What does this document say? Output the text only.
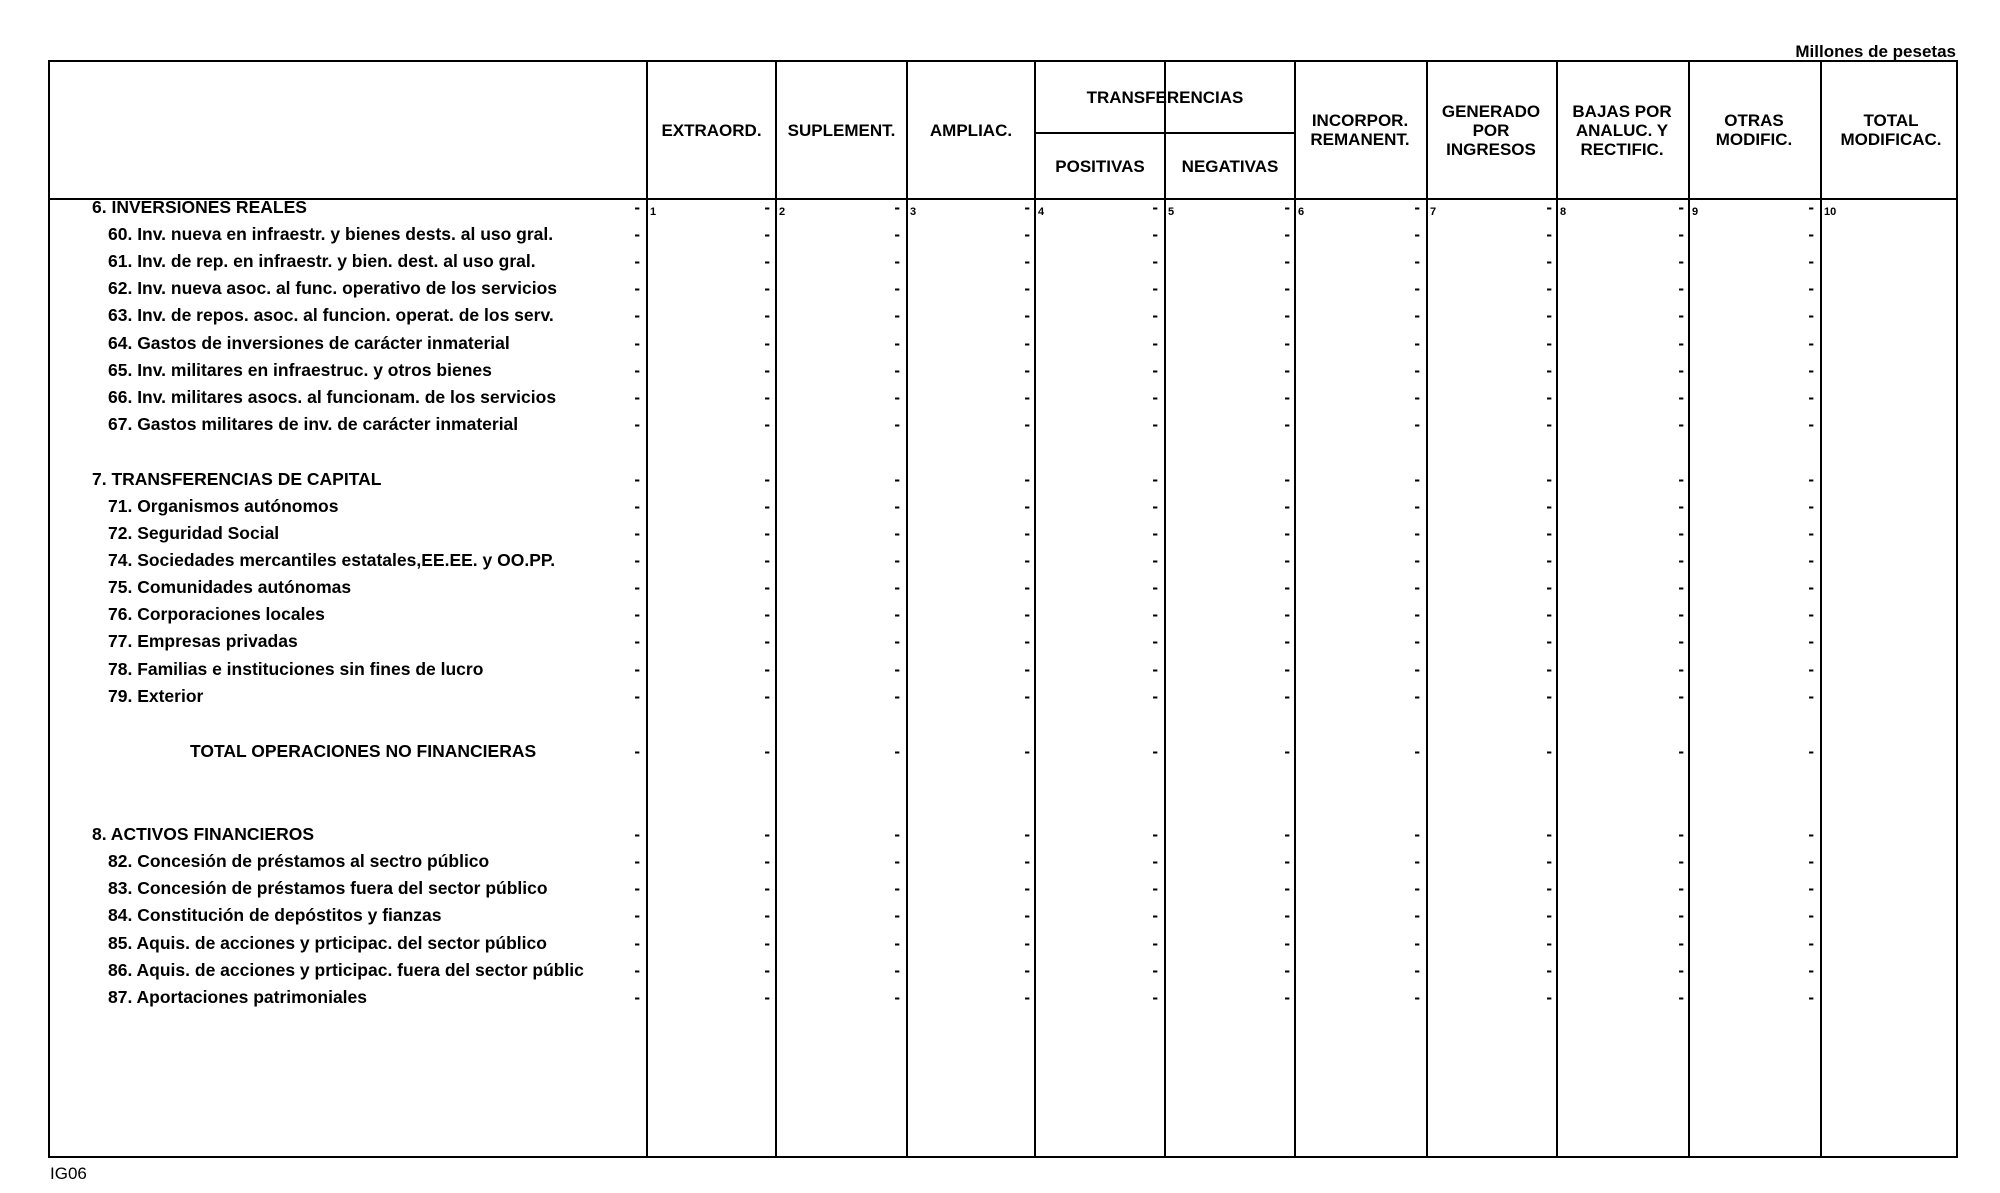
Millones de pesetas
EXTRAORD.	SUPLEMENT.	AMPLIAC.
TRANSFERENCIAS
POSITIVAS	NEGATIVAS
INCORPOR. REMANENT.
GENERADO POR INGRESOS
BAJAS POR ANALUC. Y RECTIFIC.
OTRAS MODIFIC.
TOTAL MODIFICAC.
1	2	3	4	5	6	7	8	9	10
6. INVERSIONES REALES	-	-	-	-	-	-	-	-	-	-
60. Inv. nueva en infraestr. y bienes dests. al uso gral.	-	-	-	-	-	-	-	-	-	-
61. Inv. de rep. en infraestr. y bien. dest. al uso gral.	-	-	-	-	-	-	-	-	-	-
62. Inv. nueva asoc. al func. operativo de los servicios	-	-	-	-	-	-	-	-	-	-
63. Inv. de repos. asoc. al funcion. operat. de los serv.	-	-	-	-	-	-	-	-	-	-
64. Gastos de inversiones de carácter inmaterial	-	-	-	-	-	-	-	-	-	-
65. Inv. militares en infraestruc. y otros bienes	-	-	-	-	-	-	-	-	-	-
66. Inv. militares asocs. al funcionam. de los servicios	-	-	-	-	-	-	-	-	-	-
67. Gastos militares de inv. de carácter inmaterial	-	-	-	-	-	-	-	-	-	-
7. TRANSFERENCIAS DE CAPITAL	-	-	-	-	-	-	-	-	-	-
71. Organismos autónomos	-	-	-	-	-	-	-	-	-	-
72. Seguridad Social	-	-	-	-	-	-	-	-	-	-
74. Sociedades mercantiles estatales,EE.EE. y OO.PP.	-	-	-	-	-	-	-	-	-	-
75. Comunidades autónomas	-	-	-	-	-	-	-	-	-	-
76. Corporaciones locales	-	-	-	-	-	-	-	-	-	-
77. Empresas privadas	-	-	-	-	-	-	-	-	-	-
78. Familias e instituciones sin fines de lucro	-	-	-	-	-	-	-	-	-	-
79. Exterior	-	-	-	-	-	-	-	-	-	-
TOTAL OPERACIONES NO FINANCIERAS	-	-	-	-	-	-	-	-	-	-
8. ACTIVOS FINANCIEROS	-	-	-	-	-	-	-	-	-	-
82. Concesión de préstamos al sectro público	-	-	-	-	-	-	-	-	-	-
83. Concesión de préstamos fuera del sector público	-	-	-	-	-	-	-	-	-	-
84. Constitución de depóstitos y fianzas	-	-	-	-	-	-	-	-	-	-
85. Aquis. de acciones y prticipac. del sector público	-	-	-	-	-	-	-	-	-	-
86. Aquis. de acciones y prticipac. fuera del sector públic	-	-	-	-	-	-	-	-	-	-
87. Aportaciones patrimoniales	-	-	-	-	-	-	-	-	-	-
IG06
